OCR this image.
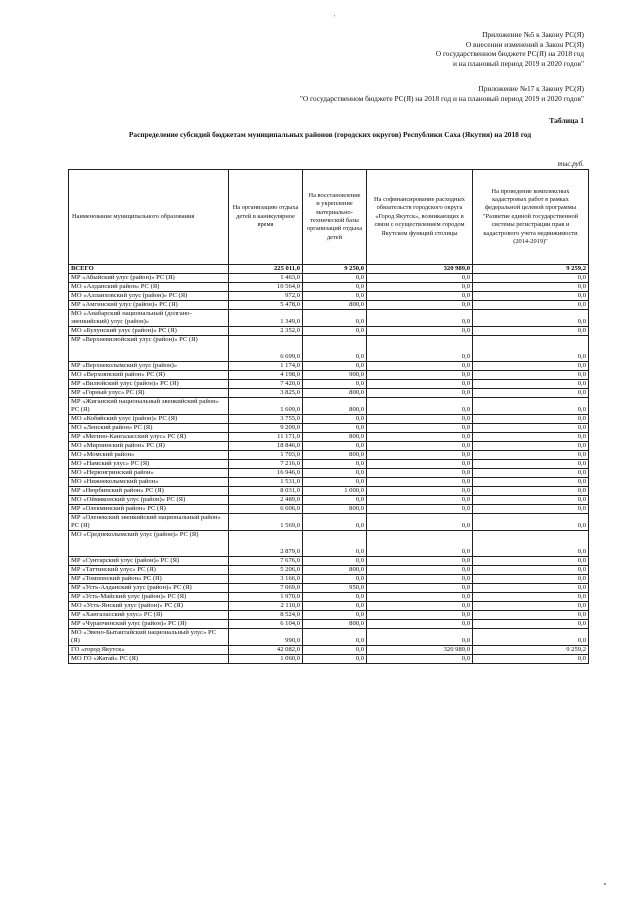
'
Приложение №5 к Закону РС(Я)
О внесении изменений в Закон РС(Я)
О государственном бюджете РС(Я) на 2018 год
и на плановый период 2019 и 2020 годов"
Приложение №17 к Закону РС(Я)
"О государственном бюджете РС(Я) на 2018 год и на плановый период 2019 и 2020 годов"
Таблица 1
Распределение субсидий бюджетам муниципальных районов (городских округов) Республики Саха (Якутия) на 2018 год
тыс.руб.
Наименование муниципального образования	На организацию отдыха детей в каникулярное время	На восстановление и укрепление материально-технической базы организаций отдыха детей	На софинансирование расходных обязательств городского округа «Город Якутск», возникающих в связи с осуществлением городом Якутском функций столицы	На проведение комплексных кадастровых работ в рамках федеральной целевой программы "Развитие единой государственной системы регистрации прав и кадастрового учета недвижимости (2014-2019)"
ВСЕГО	225 011,0	9 250,0	320 989,0	9 259,2
МР «Абыйский улус (район)» РС (Я)	1 463,0	0,0	0,0	0,0
МО «Алданский район» РС (Я)	10 564,0	0,0	0,0	0,0
МО «Аллаиховский улус (район)» РС (Я)	972,0	0,0	0,0	0,0
МР «Амгинский улус (район)» РС (Я)	5 478,0	800,0	0,0	0,0
МО «Анабарский национальный (долгано-эвенкийский) улус (район)»	1 349,0	0,0	0,0	0,0
МО «Булунский улус (район)» РС (Я)	2 352,0	0,0	0,0	0,0
МР «Верхневилюйский улус (район)» РС (Я)	6 699,0	0,0	0,0	0,0
МР «Верхнеколымский улус (район)»	1 174,0	0,0	0,0	0,0
МО «Верхоянский район» РС (Я)	4 198,0	900,0	0,0	0,0
МР «Вилюйский улус (район)» РС (Я)	7 420,0	0,0	0,0	0,0
МР «Горный улус» РС (Я)	3 825,0	800,0	0,0	0,0
МР «Жиганский национальный эвенкийский район» РС (Я)	1 609,0	800,0	0,0	0,0
МО «Кобяйский улус (район)» РС (Я)	3 755,0	0,0	0,0	0,0
МО «Ленский район» РС (Я)	9 209,0	0,0	0,0	0,0
МР «Мегино-Кангаласский улус» РС (Я)	11 171,0	800,0	0,0	0,0
МО «Мирнинский район» РС (Я)	18 846,0	0,0	0,0	0,0
МО «Момский район»	1 703,0	800,0	0,0	0,0
МО «Намский улус» РС (Я)	7 216,0	0,0	0,0	0,0
МО «Нерюнгринский район»	16 946,0	0,0	0,0	0,0
МО «Нижнеколымский район»	1 531,0	0,0	0,0	0,0
МР «Нюрбинский район» РС (Я)	8 031,0	1 000,0	0,0	0,0
МО «Оймяконский улус (район)» РС (Я)	2 489,0	0,0	0,0	0,0
МР «Олекминский район» РС (Я)	6 606,0	800,0	0,0	0,0
МР «Оленекский эвенкийский национальный район» РС (Я)	1 569,0	0,0	0,0	0,0
МО «Среднеколымский улус (район)» РС (Я)	2 879,0	0,0	0,0	0,0
МР «Сунтарский улус (район)» РС (Я)	7 676,0	0,0	0,0	0,0
МР «Таттинский улус» РС (Я)	5 206,0	800,0	0,0	0,0
МР «Томпонский район» РС (Я)	3 166,0	0,0	0,0	0,0
МР «Усть-Алданский улус (район)» РС (Я)	7 069,0	950,0	0,0	0,0
МР «Усть-Майский улус (район)» РС (Я)	1 970,0	0,0	0,0	0,0
МО «Усть-Янский улус (район)» РС (Я)	2 110,0	0,0	0,0	0,0
МР «Хангаласский улус» РС (Я)	8 524,0	0,0	0,0	0,0
МР «Чурапчинский улус (район)» РС (Я)	6 104,0	800,0	0,0	0,0
МО «Эвено-Бытантайский национальный улус» РС (Я)	990,0	0,0	0,0	0,0
ГО «город Якутск»	42 082,0	0,0	320 989,0	9 259,2
МО ГО «Жатай» РС (Я)	1 060,0	0,0	0,0	0,0
